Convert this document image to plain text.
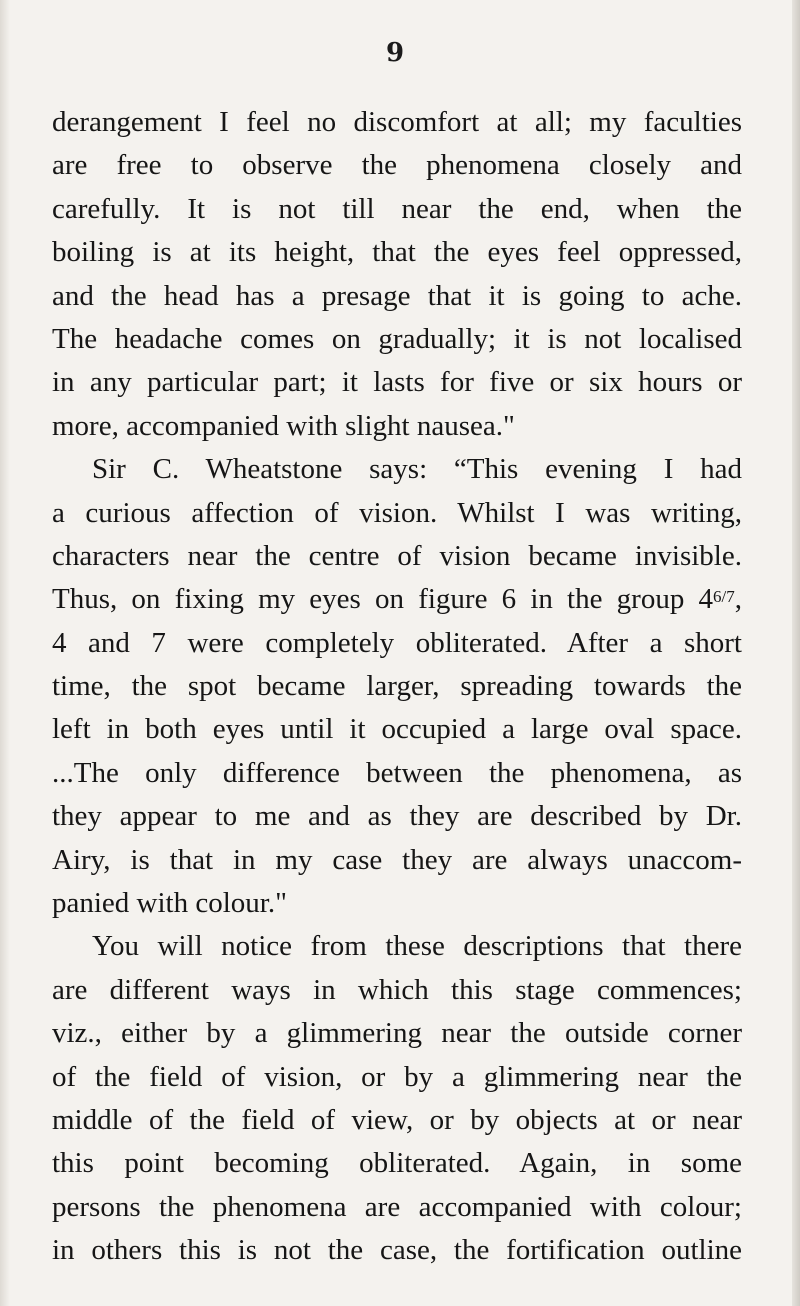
9
derangement I feel no discomfort at all; my faculties
are free to observe the phenomena closely and
carefully. It is not till near the end, when the
boiling is at its height, that the eyes feel oppressed,
and the head has a presage that it is going to ache.
The headache comes on gradually; it is not localised
in any particular part; it lasts for five or six hours or
more, accompanied with slight nausea."
Sir C. Wheatstone says: “This evening I had
a curious affection of vision. Whilst I was writing,
characters near the centre of vision became invisible.
Thus, on fixing my eyes on figure 6 in the group 46/7,
4 and 7 were completely obliterated. After a short
time, the spot became larger, spreading towards the
left in both eyes until it occupied a large oval space.
...The only difference between the phenomena, as
they appear to me and as they are described by Dr.
Airy, is that in my case they are always unaccom-
panied with colour."
You will notice from these descriptions that there
are different ways in which this stage commences;
viz., either by a glimmering near the outside corner
of the field of vision, or by a glimmering near the
middle of the field of view, or by objects at or near
this point becoming obliterated. Again, in some
persons the phenomena are accompanied with colour;
in others this is not the case, the fortification outline
